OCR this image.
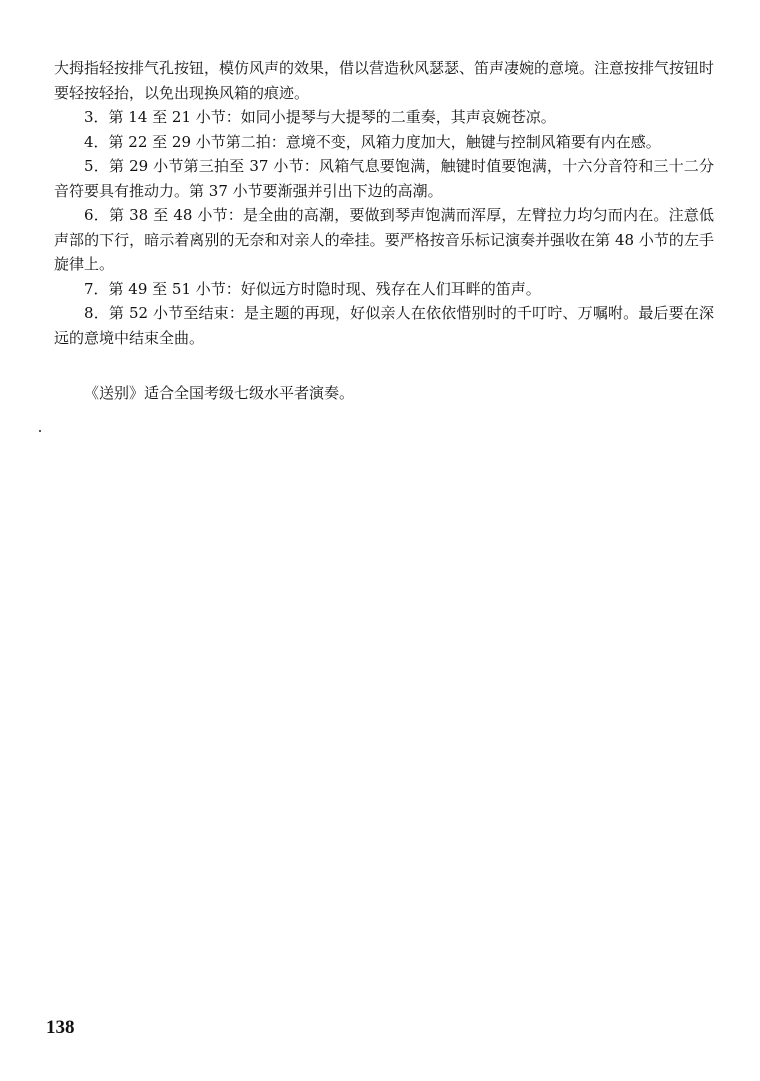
大拇指轻按排气孔按钮，模仿风声的效果，借以营造秋风瑟瑟、笛声凄婉的意境。注意按排气按钮时要轻按轻抬，以免出现换风箱的痕迹。

3．第 14 至 21 小节：如同小提琴与大提琴的二重奏，其声哀婉苍凉。

4．第 22 至 29 小节第二拍：意境不变，风箱力度加大，触键与控制风箱要有内在感。

5．第 29 小节第三拍至 37 小节：风箱气息要饱满，触键时值要饱满，十六分音符和三十二分音符要具有推动力。第 37 小节要渐强并引出下边的高潮。

6．第 38 至 48 小节：是全曲的高潮，要做到琴声饱满而浑厚，左臂拉力均匀而内在。注意低声部的下行，暗示着离别的无奈和对亲人的牵挂。要严格按音乐标记演奏并强收在第 48 小节的左手旋律上。

7．第 49 至 51 小节：好似远方时隐时现、残存在人们耳畔的笛声。

8．第 52 小节至结束：是主题的再现，好似亲人在依依惜别时的千叮咛、万嘱咐。最后要在深远的意境中结束全曲。

《送别》适合全国考级七级水平者演奏。

138
